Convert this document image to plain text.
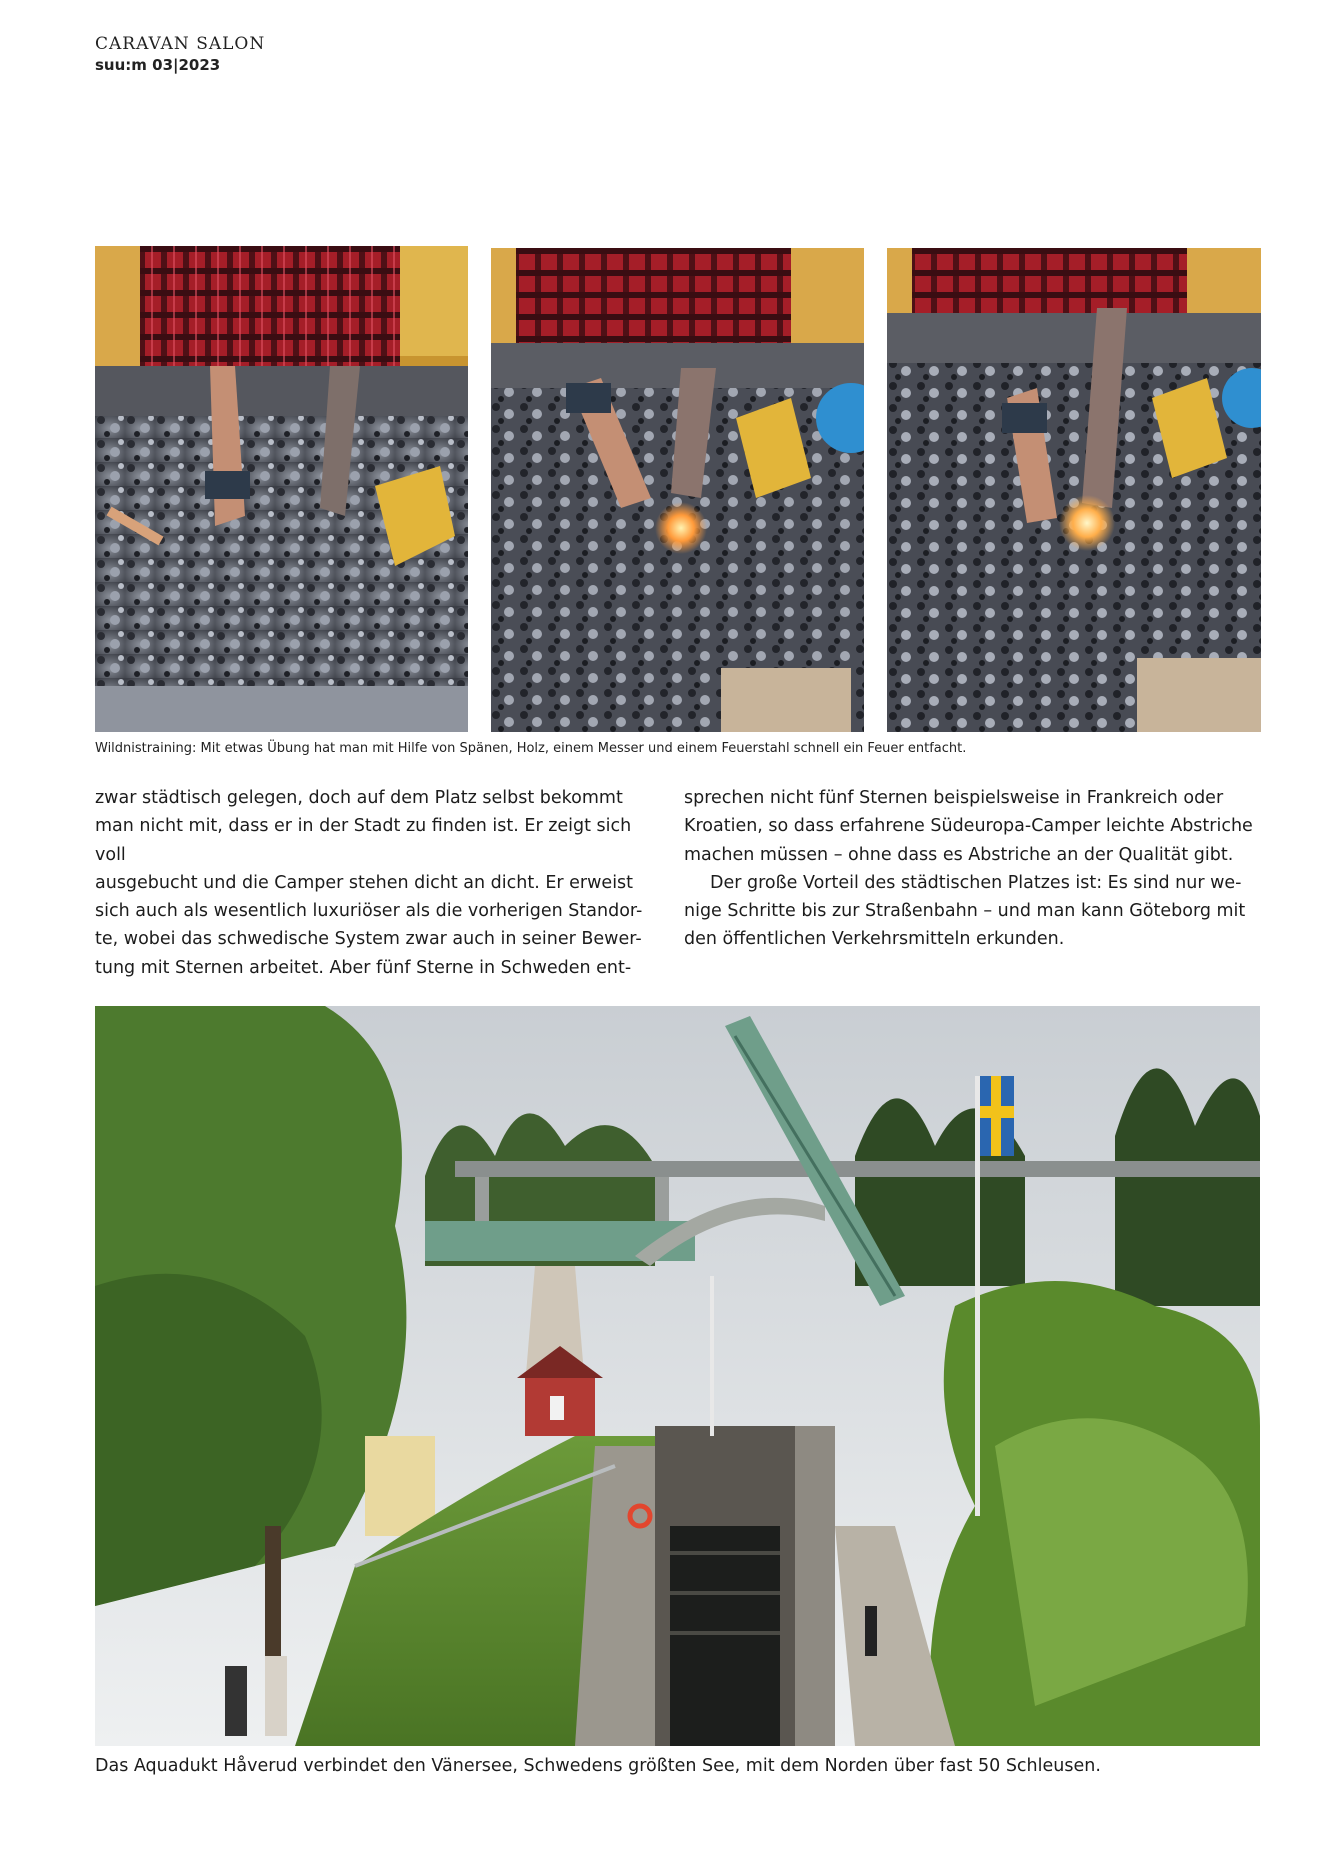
CARAVAN SALON
suu:m 03|2023
Wildnistraining: Mit etwas Übung hat man mit Hilfe von Spänen, Holz, einem Messer und einem Feuerstahl schnell ein Feuer entfacht.

zwar städtisch gelegen, doch auf dem Platz selbst bekommt
man nicht mit, dass er in der Stadt zu finden ist. Er zeigt sich voll
ausgebucht und die Camper stehen dicht an dicht. Er erweist
sich auch als wesentlich luxuriöser als die vorherigen Standor-
te, wobei das schwedische System zwar auch in seiner Bewer-
tung mit Sternen arbeitet. Aber fünf Sterne in Schweden ent-

sprechen nicht fünf Sternen beispielsweise in Frankreich oder
Kroatien, so dass erfahrene Südeuropa-Camper leichte Abstriche
machen müssen – ohne dass es Abstriche an der Qualität gibt.

Der große Vorteil des städtischen Platzes ist: Es sind nur we-
nige Schritte bis zur Straßenbahn – und man kann Göteborg mit
den öffentlichen Verkehrsmitteln erkunden.

Das Aquadukt Håverud verbindet den Vänersee, Schwedens größten See, mit dem Norden über fast 50 Schleusen.
